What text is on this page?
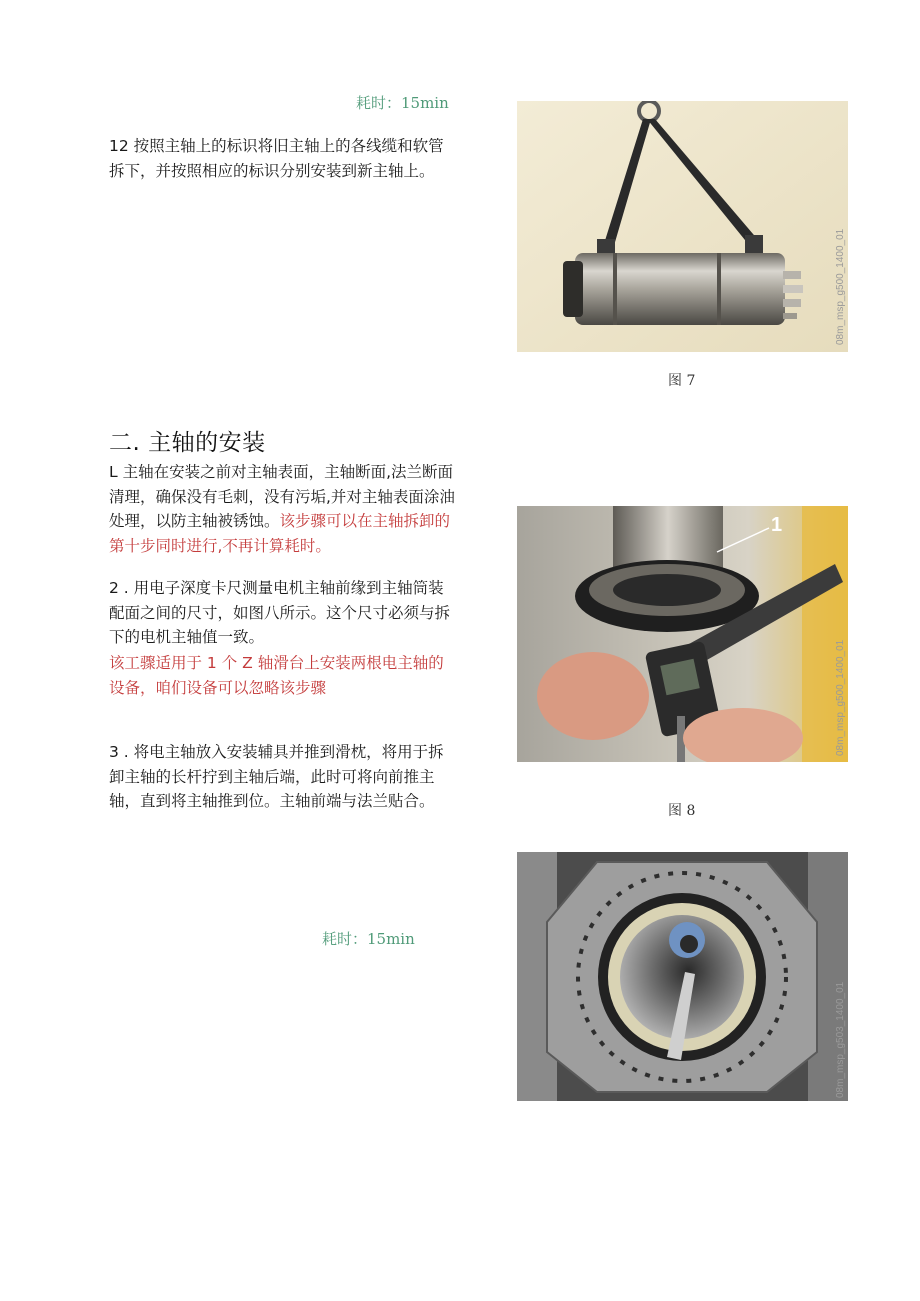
耗时：15min
12 按照主轴上的标识将旧主轴上的各线缆和软管拆下，并按照相应的标识分别安装到新主轴上。
08m_msp_g500_1400_01
图 7
二. 主轴的安装
L 主轴在安装之前对主轴表面，主轴断面,法兰断面清理，确保没有毛刺，没有污垢,并对主轴表面涂油处理，以防主轴被锈蚀。该步骤可以在主轴拆卸的第十步同时进行,不再计算耗时。
2 . 用电子深度卡尺测量电机主轴前缘到主轴筒装配面之间的尺寸，如图八所示。这个尺寸必须与拆下的电机主轴值一致。
该工骤适用于 1 个 Z 轴滑台上安装两根电主轴的设备，咱们设备可以忽略该步骤
1
08m_msp_g500_1400_01
图 8
3 . 将电主轴放入安装辅具并推到滑枕，将用于拆卸主轴的长杆拧到主轴后端，此时可将向前推主轴，直到将主轴推到位。主轴前端与法兰贴合。
耗时：15min
08m_msp_g503_1400_01
